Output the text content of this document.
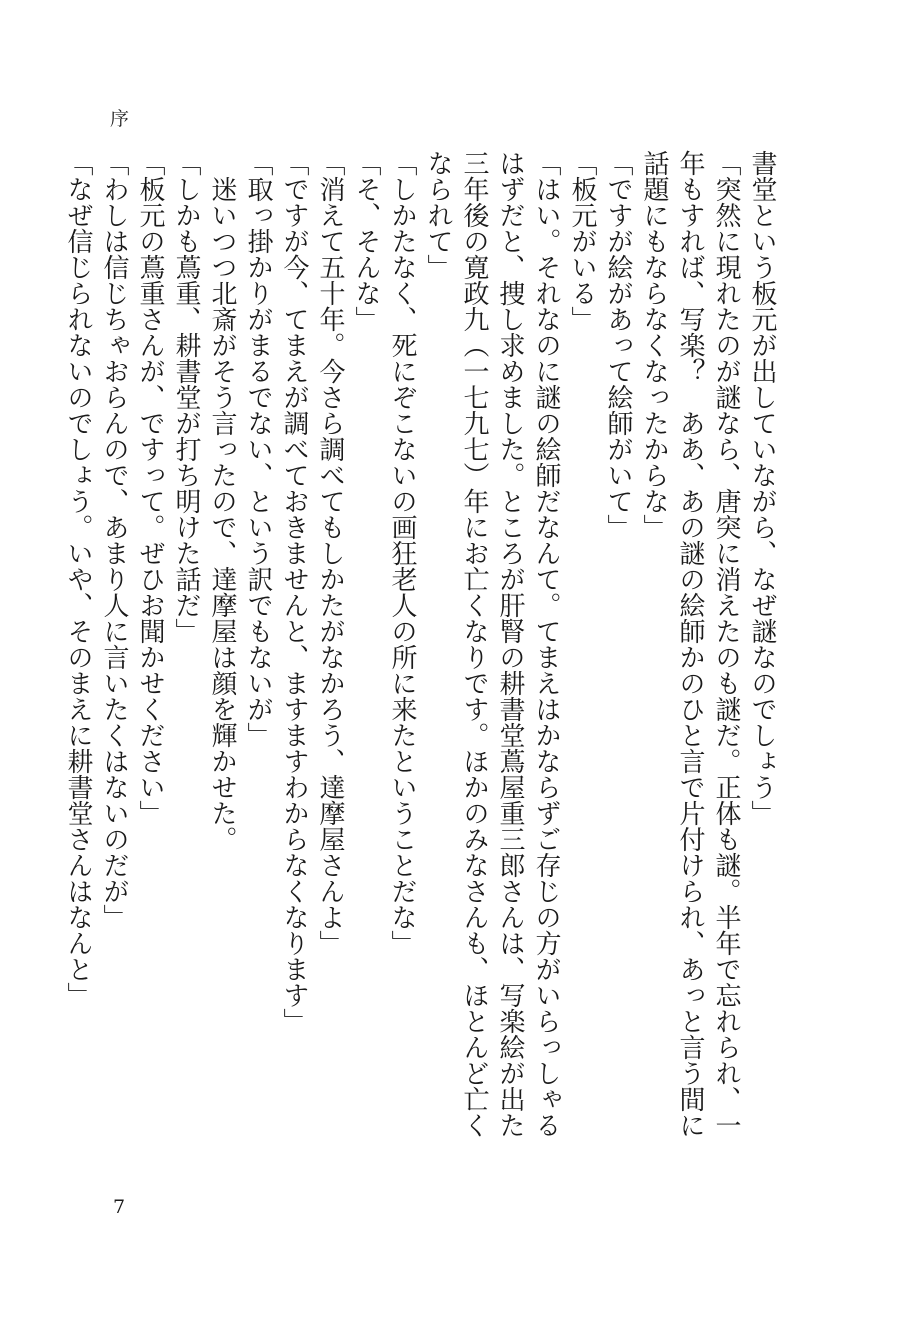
序

書堂という板元が出していながら、なぜ謎なのでしょう」

「突然に現れたのが謎なら、唐突に消えたのも謎だ。正体も謎。半年で忘れられ、一年もすれば、写楽？　ああ、あの謎の絵師かのひと言で片付けられ、あっと言う間に話題にもならなくなったからな」

「ですが絵があって絵師がいて」

「板元がいる」

「はい。それなのに謎の絵師だなんて。てまえはかならずご存じの方がいらっしゃるはずだと、捜し求めました。ところが肝腎の耕書堂蔦屋重三郎さんは、写楽絵が出た三年後の寛政九（一七九七）年にお亡くなりです。ほかのみなさんも、ほとんど亡くなられて」

「しかたなく、死にぞこないの画狂老人の所に来たということだな」

「そ、そんな」

「消えて五十年。今さら調べてもしかたがなかろう、達摩屋さんよ」

「ですが今、てまえが調べておきませんと、ますますわからなくなります」

「取っ掛かりがまるでない、という訳でもないが」

迷いつつ北斎がそう言ったので、達摩屋は顔を輝かせた。

「しかも蔦重、耕書堂が打ち明けた話だ」

「板元の蔦重さんが、ですって。ぜひお聞かせください」

「わしは信じちゃおらんので、あまり人に言いたくはないのだが」

「なぜ信じられないのでしょう。いや、そのまえに耕書堂さんはなんと」

7
